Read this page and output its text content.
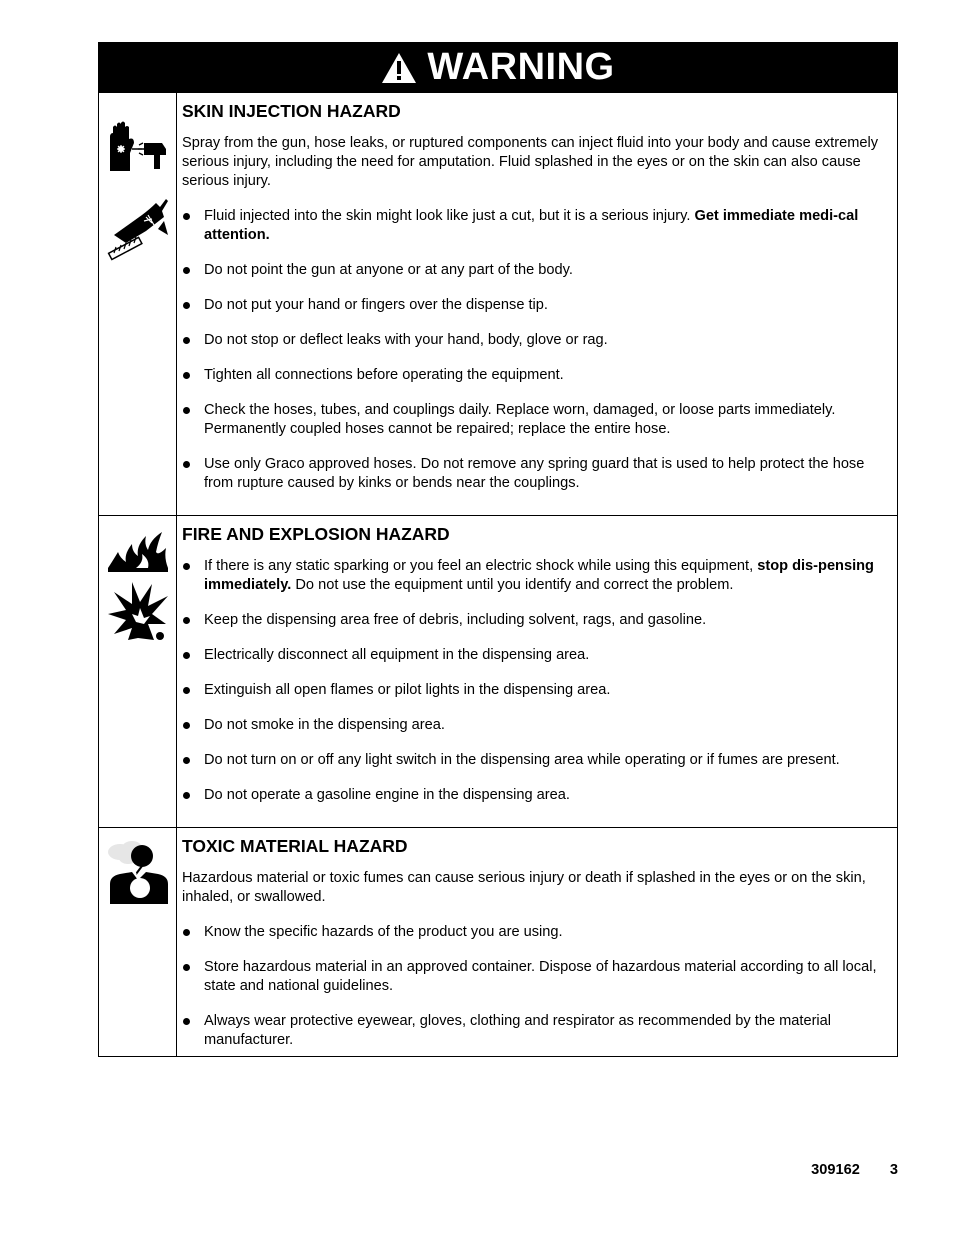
WARNING
SKIN INJECTION HAZARD
Spray from the gun, hose leaks, or ruptured components can inject fluid into your body and cause extremely serious injury, including the need for amputation. Fluid splashed in the eyes or on the skin can also cause serious injury.
Fluid injected into the skin might look like just a cut, but it is a serious injury. Get immediate medi-cal attention.
Do not point the gun at anyone or at any part of the body.
Do not put your hand or fingers over the dispense tip.
Do not stop or deflect leaks with your hand, body, glove or rag.
Tighten all connections before operating the equipment.
Check the hoses, tubes, and couplings daily. Replace worn, damaged, or loose parts immediately. Permanently coupled hoses cannot be repaired; replace the entire hose.
Use only Graco approved hoses. Do not remove any spring guard that is used to help protect the hose from rupture caused by kinks or bends near the couplings.
FIRE AND EXPLOSION HAZARD
If there is any static sparking or you feel an electric shock while using this equipment, stop dis-pensing immediately. Do not use the equipment until you identify and correct the problem.
Keep the dispensing area free of debris, including solvent, rags, and gasoline.
Electrically disconnect all equipment in the dispensing area.
Extinguish all open flames or pilot lights in the dispensing area.
Do not smoke in the dispensing area.
Do not turn on or off any light switch in the dispensing area while operating or if fumes are present.
Do not operate a gasoline engine in the dispensing area.
TOXIC MATERIAL HAZARD
Hazardous material or toxic fumes can cause serious injury or death if splashed in the eyes or on the skin, inhaled, or swallowed.
Know the specific hazards of the product you are using.
Store hazardous material in an approved container. Dispose of hazardous material according to all local, state and national guidelines.
Always wear protective eyewear, gloves, clothing and respirator as recommended by the material manufacturer.
309162 3
